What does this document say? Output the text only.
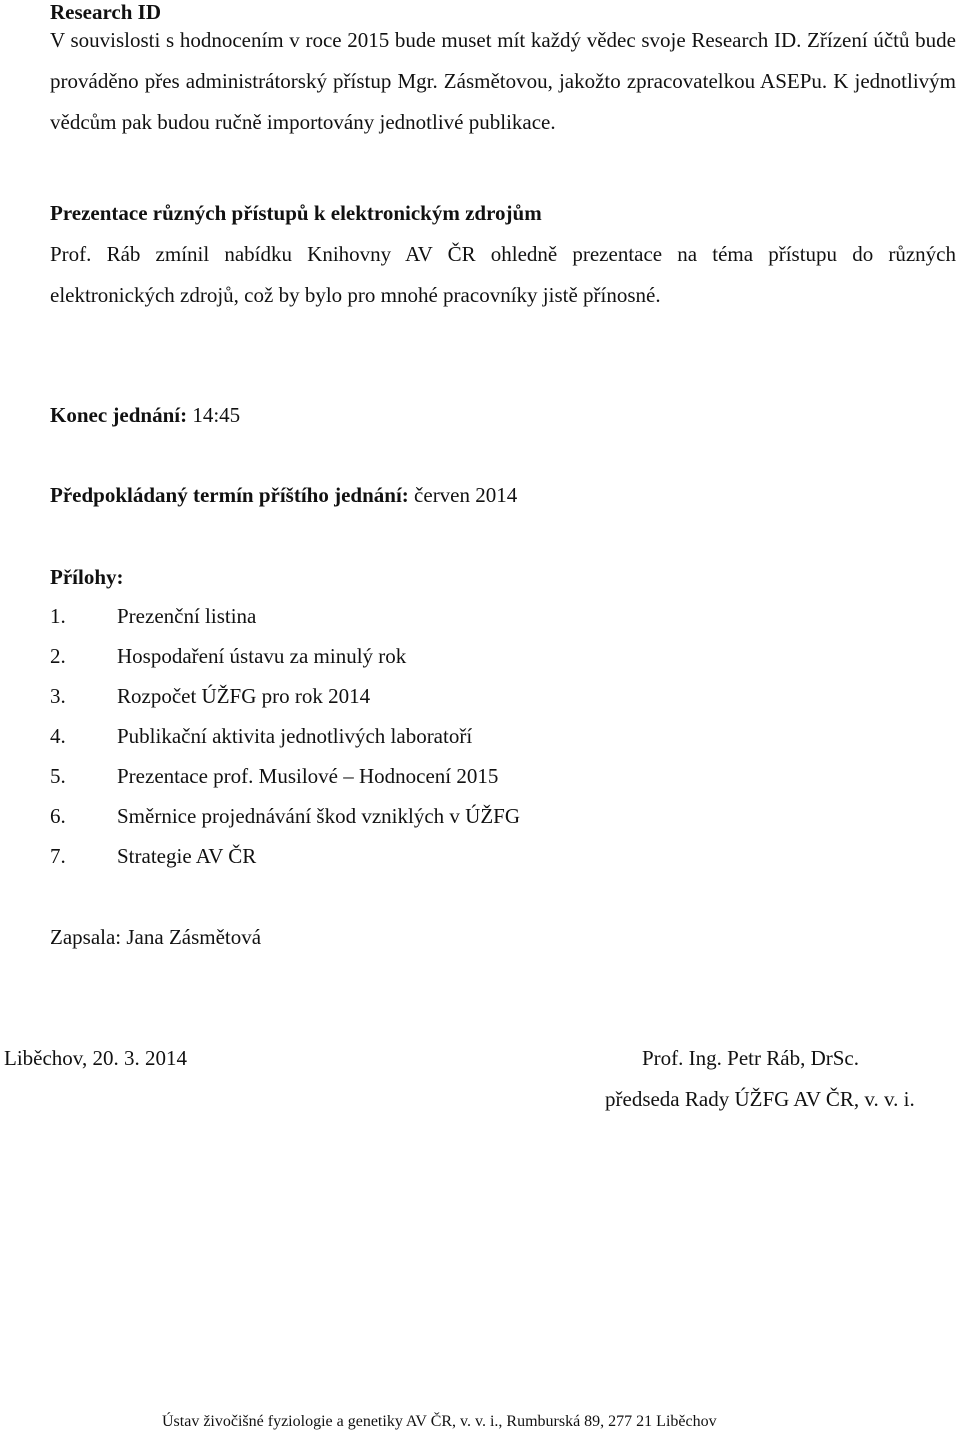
Research ID
V souvislosti s hodnocením v roce 2015 bude muset mít každý vědec svoje Research ID. Zřízení účtů bude prováděno přes administrátorský přístup Mgr. Zásmětovou, jakožto zpracovatelkou ASEPu. K jednotlivým vědcům pak budou ručně importovány jednotlivé publikace.
Prezentace různých přístupů k elektronickým zdrojům
Prof. Ráb zmínil nabídku Knihovny AV ČR ohledně prezentace na téma přístupu do různých elektronických zdrojů, což by bylo pro mnohé pracovníky jistě přínosné.
Konec jednání: 14:45
Předpokládaný termín příštího jednání: červen 2014
Přílohy:
1. Prezenční listina
2. Hospodaření ústavu za minulý rok
3. Rozpočet ÚŽFG pro rok 2014
4. Publikační aktivita jednotlivých laboratoří
5. Prezentace prof. Musilové – Hodnocení 2015
6. Směrnice projednávání škod vzniklých v ÚŽFG
7. Strategie AV ČR
Zapsala: Jana Zásmětová
Liběchov, 20. 3. 2014	Prof. Ing. Petr Ráb, DrSc.
předseda Rady ÚŽFG AV ČR, v. v. i.
Ústav živočišné fyziologie a genetiky AV ČR, v. v. i., Rumburská 89, 277 21 Liběchov
